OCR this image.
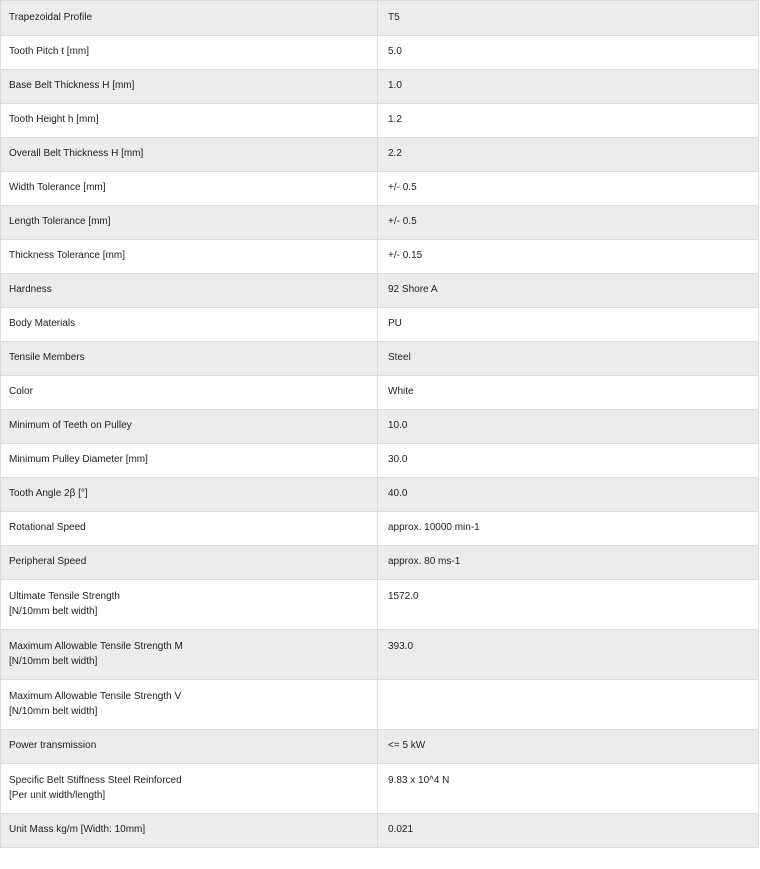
Trapezoidal Profile	T5
Tooth Pitch t [mm]	5.0
Base Belt Thickness H [mm]	1.0
Tooth Height h [mm]	1.2
Overall Belt Thickness H [mm]	2.2
Width Tolerance [mm]	+/- 0.5
Length Tolerance [mm]	+/- 0.5
Thickness Tolerance [mm]	+/- 0.15
Hardness	92 Shore A
Body Materials	PU
Tensile Members	Steel
Color	White
Minimum of Teeth on Pulley	10.0
Minimum Pulley Diameter [mm]	30.0
Tooth Angle 2β [°]	40.0
Rotational Speed	approx. 10000 min-1
Peripheral Speed	approx. 80 ms-1
Ultimate Tensile Strength
[N/10mm belt width]	1572.0
Maximum Allowable Tensile Strength M
[N/10mm belt width]	393.0
Maximum Allowable Tensile Strength V
[N/10mm belt width]	
Power transmission	<= 5 kW
Specific Belt Stiffness Steel Reinforced
[Per unit width/length]	9.83 x 10^4 N
Unit Mass kg/m [Width: 10mm]	0.021
